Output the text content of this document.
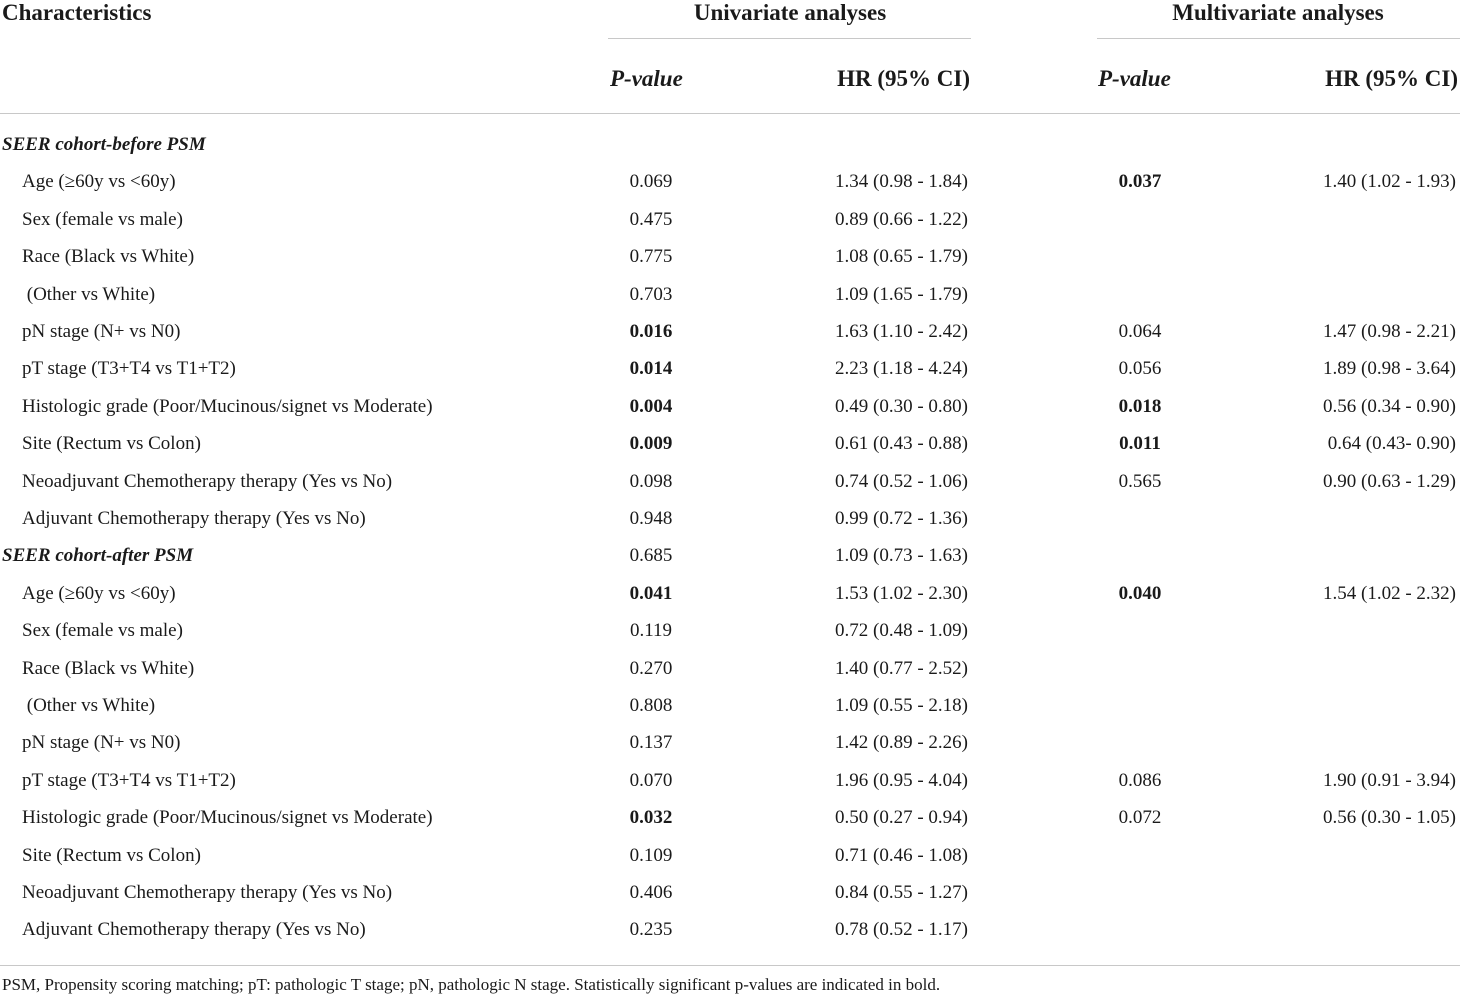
Characteristics	Univariate analyses	Multivariate analyses
P-value	HR (95% CI)	P-value	HR (95% CI)
SEER cohort-before PSM
Age (≥60y vs <60y)	0.069	1.34 (0.98 - 1.84)	0.037	1.40 (1.02 - 1.93)
Sex (female vs male)	0.475	0.89 (0.66 - 1.22)
Race (Black vs White)	0.775	1.08 (0.65 - 1.79)
(Other vs White)	0.703	1.09 (1.65 - 1.79)
pN stage (N+ vs N0)	0.016	1.63 (1.10 - 2.42)	0.064	1.47 (0.98 - 2.21)
pT stage (T3+T4 vs T1+T2)	0.014	2.23 (1.18 - 4.24)	0.056	1.89 (0.98 - 3.64)
Histologic grade (Poor/Mucinous/signet vs Moderate)	0.004	0.49 (0.30 - 0.80)	0.018	0.56 (0.34 - 0.90)
Site (Rectum vs Colon)	0.009	0.61 (0.43 - 0.88)	0.011	0.64 (0.43- 0.90)
Neoadjuvant Chemotherapy therapy (Yes vs No)	0.098	0.74 (0.52 - 1.06)	0.565	0.90 (0.63 - 1.29)
Adjuvant Chemotherapy therapy (Yes vs No)	0.948	0.99 (0.72 - 1.36)
SEER cohort-after PSM	0.685	1.09 (0.73 - 1.63)
Age (≥60y vs <60y)	0.041	1.53 (1.02 - 2.30)	0.040	1.54 (1.02 - 2.32)
Sex (female vs male)	0.119	0.72 (0.48 - 1.09)
Race (Black vs White)	0.270	1.40 (0.77 - 2.52)
(Other vs White)	0.808	1.09 (0.55 - 2.18)
pN stage (N+ vs N0)	0.137	1.42 (0.89 - 2.26)
pT stage (T3+T4 vs T1+T2)	0.070	1.96 (0.95 - 4.04)	0.086	1.90 (0.91 - 3.94)
Histologic grade (Poor/Mucinous/signet vs Moderate)	0.032	0.50 (0.27 - 0.94)	0.072	0.56 (0.30 - 1.05)
Site (Rectum vs Colon)	0.109	0.71 (0.46 - 1.08)
Neoadjuvant Chemotherapy therapy (Yes vs No)	0.406	0.84 (0.55 - 1.27)
Adjuvant Chemotherapy therapy (Yes vs No)	0.235	0.78 (0.52 - 1.17)
PSM, Propensity scoring matching; pT: pathologic T stage; pN, pathologic N stage. Statistically significant p-values are indicated in bold.
